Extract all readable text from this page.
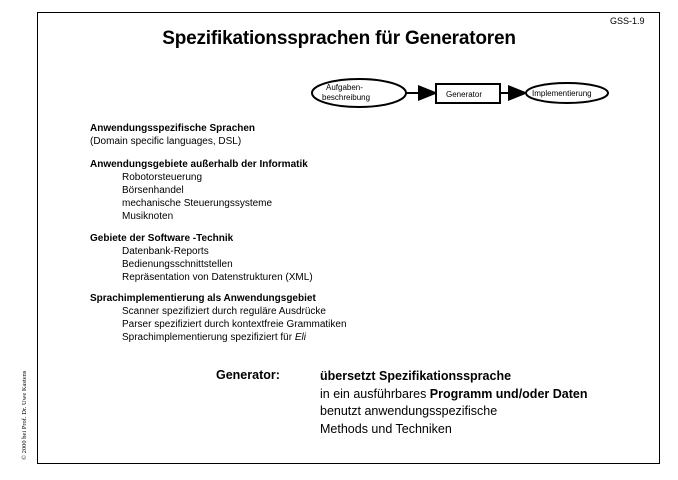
GSS-1.9
Spezifikationssprachen für Generatoren
© 2000 bei Prof. Dr. Uwe Kastens
Aufgaben-
beschreibung	Generator	Implementierung
Anwendungsspezifische Sprachen
(Domain specific languages, DSL)
Anwendungsgebiete außerhalb der Informatik
Robotorsteuerung
Börsenhandel
mechanische Steuerungssysteme
Musiknoten
Gebiete der Software -Technik
Datenbank-Reports
Bedienungsschnittstellen
Repräsentation von Datenstrukturen (XML)
Sprachimplementierung als Anwendungsgebiet
Scanner spezifiziert durch reguläre Ausdrücke
Parser spezifiziert durch kontextfreie Grammatiken
Sprachimplementierung spezifiziert für Eli
Generator:	übersetzt Spezifikationssprache
in ein ausführbares Programm und/oder Daten
benutzt anwendungsspezifische
Methods und Techniken
